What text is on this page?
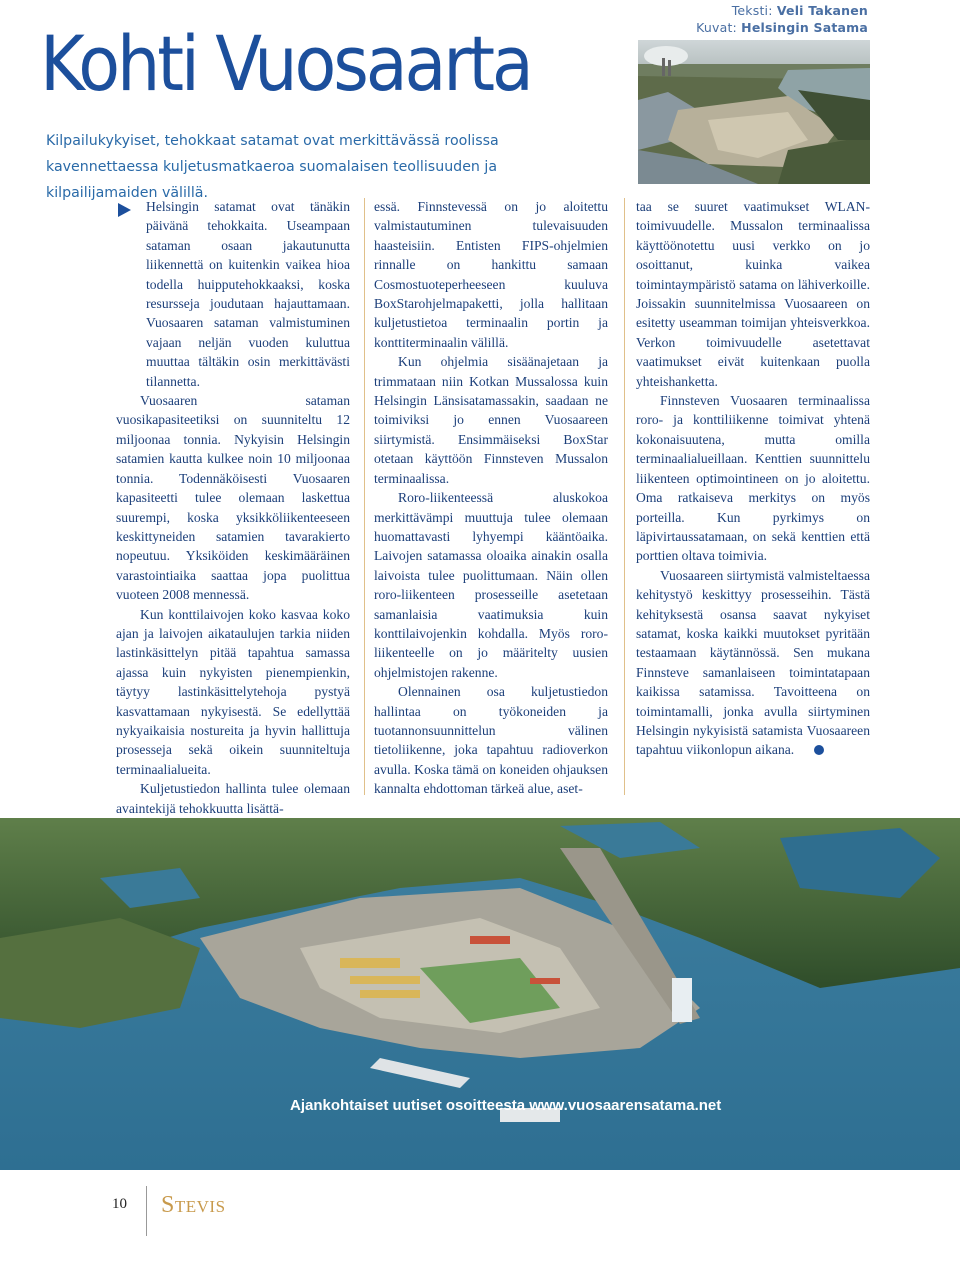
Teksti: Veli Takanen
Kuvat: Helsingin Satama
Kohti Vuosaarta

Kilpailukykyiset, tehokkaat satamat ovat merkittävässä roolissa kavennettaessa kuljetusmatkaeroa suomalaisen teollisuuden ja kilpailijamaiden välillä.

Helsingin satamat ovat tänäkin päivänä tehokkaita. Useampaan sataman osaan jakautunutta liikennettä on kuitenkin vaikea hioa todella huipputehokkaaksi, koska resursseja joudutaan hajauttamaan. Vuosaaren sataman valmistuminen vajaan neljän vuoden kuluttua muuttaa tältäkin osin merkittävästi tilannetta.

Vuosaaren sataman vuosikapasiteetiksi on suunniteltu 12 miljoonaa tonnia. Nykyisin Helsingin satamien kautta kulkee noin 10 miljoonaa tonnia. Todennäköisesti Vuosaaren kapasiteetti tulee olemaan laskettua suurempi, koska yksikköliikenteeseen keskittyneiden satamien tavarakierto nopeutuu. Yksiköiden keskimääräinen varastointiaika saattaa jopa puolittua vuoteen 2008 mennessä.

Kun konttilaivojen koko kasvaa koko ajan ja laivojen aikataulujen tarkia niiden lastinkäsittelyn pitää tapahtua samassa ajassa kuin nykyisten pienempienkin, täytyy lastinkäsittelytehoja pystyä kasvattamaan nykyisestä. Se edellyttää nykyaikaisia nostureita ja hyvin hallittuja prosesseja sekä oikein suunniteltuja terminaalialueita.

Kuljetustiedon hallinta tulee olemaan avaintekijä tehokkuutta lisättä-

essä. Finnstevessä on jo aloitettu valmistautuminen tulevaisuuden haasteisiin. Entisten FIPS-ohjelmien rinnalle on hankittu samaan Cosmostuoteperheeseen kuuluva BoxStarohjelmapaketti, jolla hallitaan kuljetustietoa terminaalin portin ja konttiterminaalin välillä.

Kun ohjelmia sisäänajetaan ja trimmataan niin Kotkan Mussalossa kuin Helsingin Länsisatamassakin, saadaan ne toimiviksi jo ennen Vuosaareen siirtymistä. Ensimmäiseksi BoxStar otetaan käyttöön Finnsteven Mussalon terminaalissa.

Roro-liikenteessä aluskokoa merkittävämpi muuttuja tulee olemaan huomattavasti lyhyempi kääntöaika. Laivojen satamassa oloaika ainakin osalla laivoista tulee puolittumaan. Näin ollen roro-liikenteen prosesseille asetetaan samanlaisia vaatimuksia kuin konttilaivojenkin kohdalla. Myös roro-liikenteelle on jo määritelty uusien ohjelmistojen rakenne.

Olennainen osa kuljetustiedon hallintaa on työkoneiden ja tuotannonsuunnittelun välinen tietoliikenne, joka tapahtuu radioverkon avulla. Koska tämä on koneiden ohjauksen kannalta ehdottoman tärkeä alue, aset-

taa se suuret vaatimukset WLAN-toimivuudelle. Mussalon terminaalissa käyttöönotettu uusi verkko on jo osoittanut, kuinka vaikea toimintaympäristö satama on lähiverkoille. Joissakin suunnitelmissa Vuosaareen on esitetty useamman toimijan yhteisverkkoa. Verkon toimivuudelle asetettavat vaatimukset eivät kuitenkaan puolla yhteishanketta.

Finnsteven Vuosaaren terminaalissa roro- ja konttiliikenne toimivat yhtenä kokonaisuutena, mutta omilla terminaalialueillaan. Kenttien suunnittelu liikenteen optimointineen on jo aloitettu. Oma ratkaiseva merkitys on myös porteilla. Kun pyrkimys on läpivirtaussatamaan, on sekä kenttien että porttien oltava toimivia.

Vuosaareen siirtymistä valmisteltaessa kehitystyö keskittyy prosesseihin. Tästä kehityksestä osansa saavat nykyiset satamat, koska kaikki muutokset pyritään testaamaan käytännössä. Sen mukana Finnsteve samanlaiseen toimintatapaan kaikissa satamissa. Tavoitteena on toimintamalli, jonka avulla siirtyminen Helsingin nykyisistä satamista Vuosaareen tapahtuu viikonlopun aikana.

Ajankohtaiset uutiset osoitteesta www.vuosaarensatama.net

10 STEVIS
